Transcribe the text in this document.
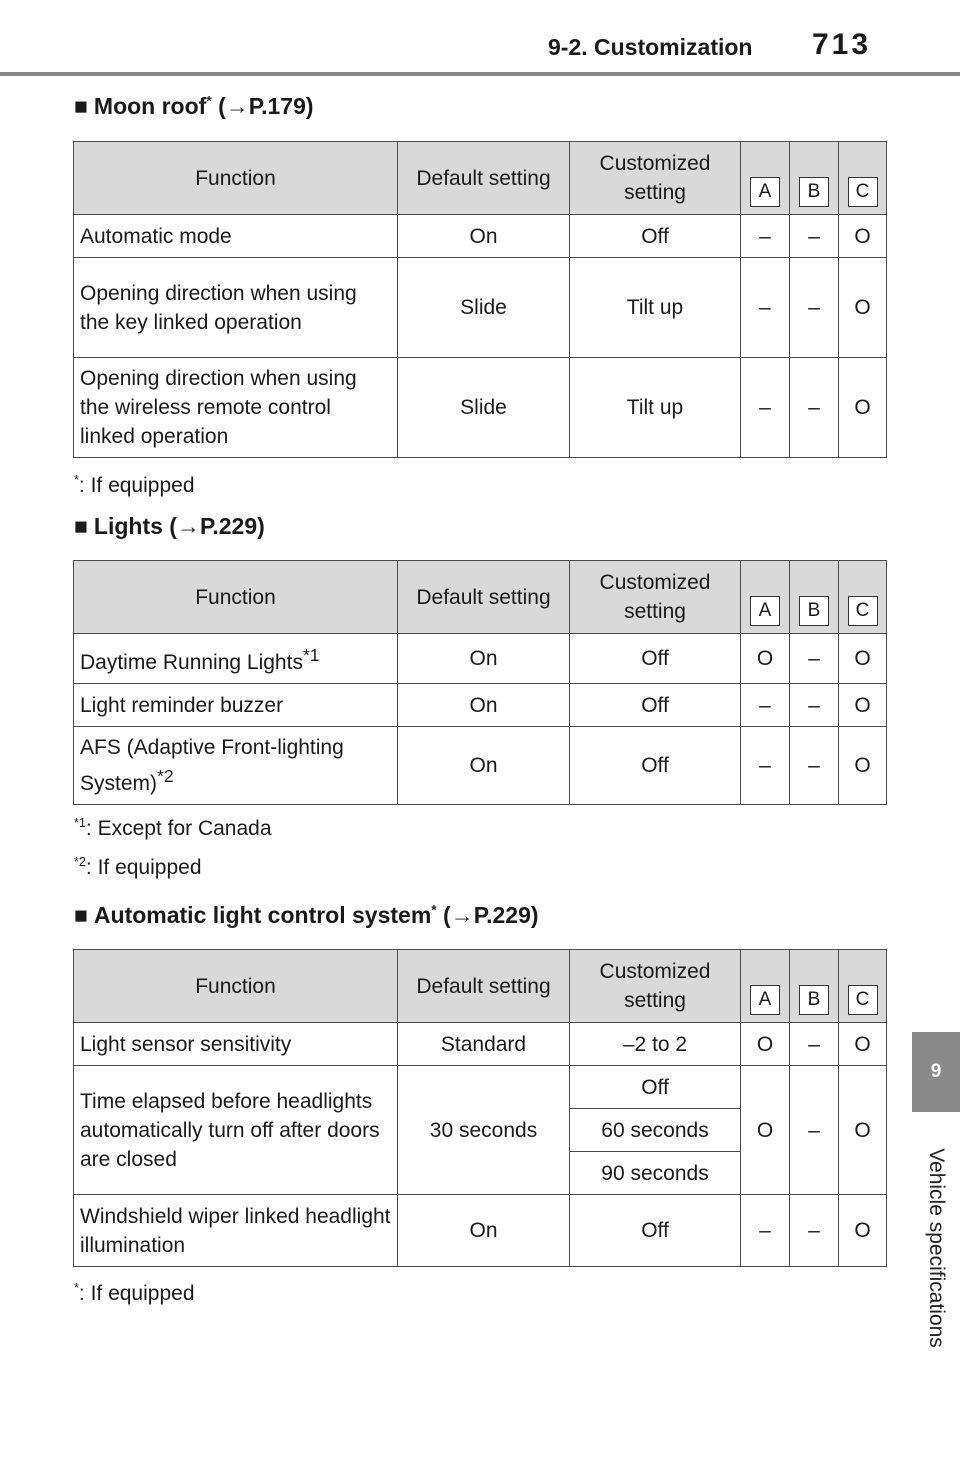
9-2. Customization 713
9
Vehicle specifications
■ Moon roof* (→P.179)
Function	Default setting	Customized setting	A	B	C
Automatic mode	On	Off	–	–	O
Opening direction when using the key linked operation	Slide	Tilt up	–	–	O
Opening direction when using the wireless remote control linked operation	Slide	Tilt up	–	–	O
*: If equipped
■ Lights (→P.229)
Function	Default setting	Customized setting	A	B	C
Daytime Running Lights$^{*1}$	On	Off	O	–	O
Light reminder buzzer	On	Off	–	–	O
AFS (Adaptive Front-lighting System)$^{*2}$	On	Off	–	–	O
$^{*1}$: Except for Canada
$^{*2}$: If equipped
■ Automatic light control system* (→P.229)
Function	Default setting	Customized setting	A	B	C
Light sensor sensitivity	Standard	–2 to 2	O	–	O
Time elapsed before headlights automatically turn off after doors are closed	30 seconds	Off	O	–	O
		60 seconds			
		90 seconds			
Windshield wiper linked headlight illumination	On	Off	–	–	O
*: If equipped
